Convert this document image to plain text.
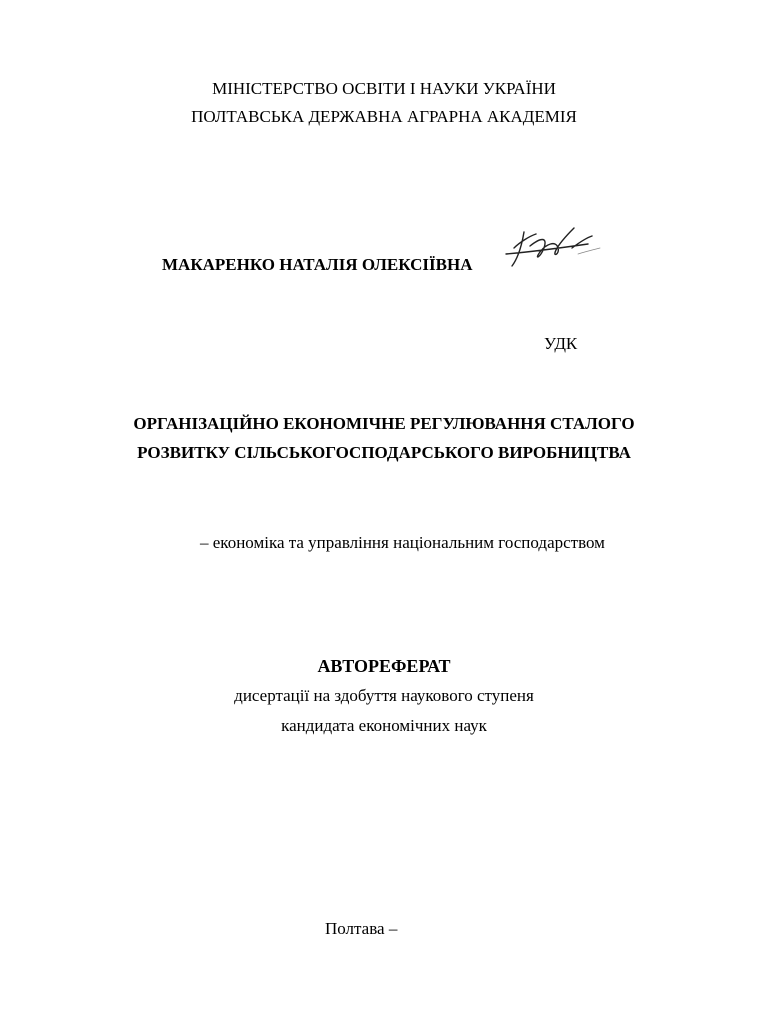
МІНІСТЕРСТВО ОСВІТИ І НАУКИ УКРАЇНИ
ПОЛТАВСЬКА ДЕРЖАВНА АГРАРНА АКАДЕМІЯ
МАКАРЕНКО НАТАЛІЯ ОЛЕКСІЇВНА
УДК
ОРГАНІЗАЦІЙНО ЕКОНОМІЧНЕ РЕГУЛЮВАННЯ СТАЛОГО
РОЗВИТКУ СІЛЬСЬКОГОСПОДАРСЬКОГО ВИРОБНИЦТВА
– економіка та управління національним господарством
АВТОРЕФЕРАТ
дисертації на здобуття наукового ступеня
кандидата економічних наук
Полтава –
